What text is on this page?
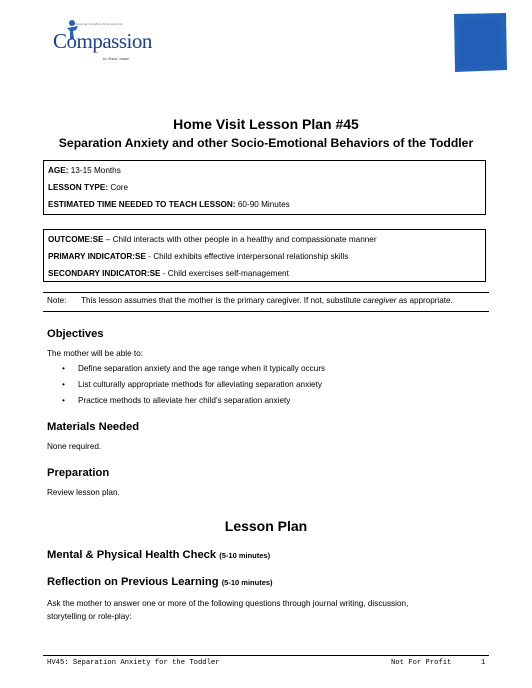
Releasing children from poverty
Compassion
in Jesus' name
Home Visit Lesson Plan #45
Separation Anxiety and other Socio-Emotional Behaviors of the Toddler
AGE: 13-15 Months
LESSON TYPE: Core
ESTIMATED TIME NEEDED TO TEACH LESSON: 60-90 Minutes
OUTCOME:SE – Child interacts with other people in a healthy and compassionate manner
PRIMARY INDICATOR:SE - Child exhibits effective interpersonal relationship skills
SECONDARY INDICATOR:SE - Child exercises self-management
Note: This lesson assumes that the mother is the primary caregiver. If not, substitute caregiver as appropriate.
Objectives
The mother will be able to:
• Define separation anxiety and the age range when it typically occurs
• List culturally appropriate methods for alleviating separation anxiety
• Practice methods to alleviate her child’s separation anxiety
Materials Needed
None required.
Preparation
Review lesson plan.
Lesson Plan
Mental & Physical Health Check (5-10 minutes)
Reflection on Previous Learning (5-10 minutes)
Ask the mother to answer one or more of the following questions through journal writing, discussion,
storytelling or role-play:
HV45: Separation Anxiety for the Toddler	Not For Profit	1
